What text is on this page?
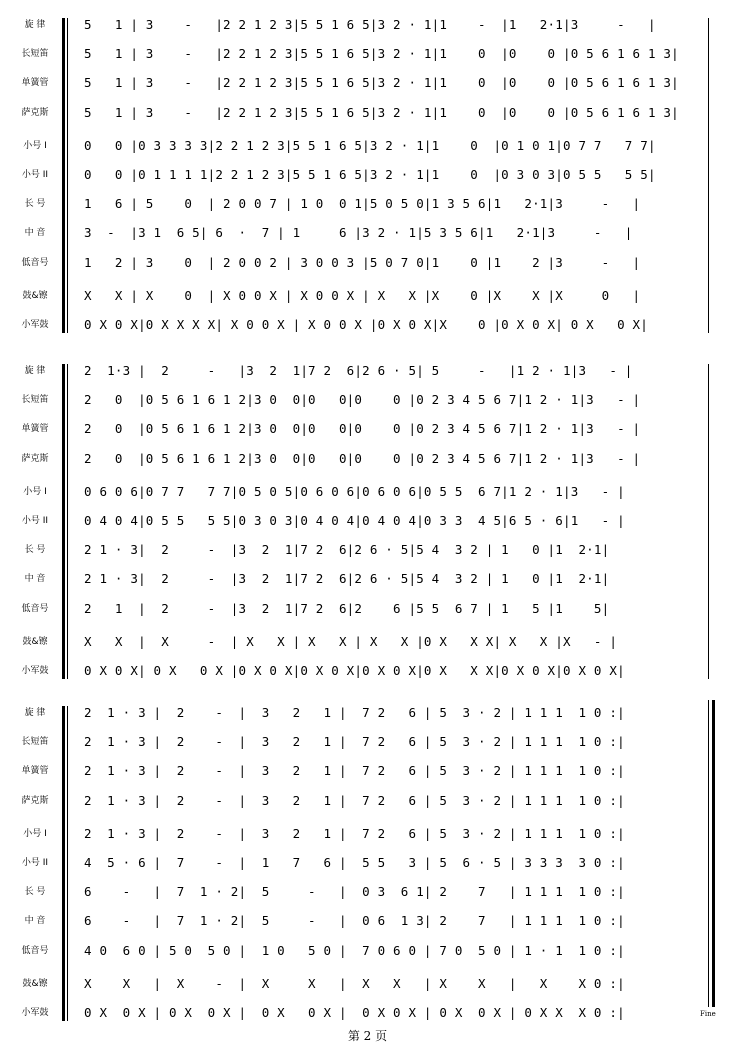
旋 律	5   1 | 3    -   |2 2 1 2 3|5 5 1 6 5|3 2 · 1|1    -  |1   2·1|3     -   |
长短笛	5   1 | 3    -   |2 2 1 2 3|5 5 1 6 5|3 2 · 1|1    0  |0    0 |0 5 6 1 6 1 3|
单簧管	5   1 | 3    -   |2 2 1 2 3|5 5 1 6 5|3 2 · 1|1    0  |0    0 |0 5 6 1 6 1 3|
萨克斯	5   1 | 3    -   |2 2 1 2 3|5 5 1 6 5|3 2 · 1|1    0  |0    0 |0 5 6 1 6 1 3|
小号 I	0   0 |0 3 3 3 3|2 2 1 2 3|5 5 1 6 5|3 2 · 1|1    0  |0 1 0 1|0 7 7   7 7|
小号 II	0   0 |0 1 1 1 1|2 2 1 2 3|5 5 1 6 5|3 2 · 1|1    0  |0 3 0 3|0 5 5   5 5|
长 号	1   6 | 5    0  | 2 0 0 7 | 1 0  0 1|5 0 5 0|1 3 5 6|1   2·1|3     -   |
中 音	3  -  |3 1  6 5| 6  ·  7 | 1     6 |3 2 · 1|5 3 5 6|1   2·1|3     -   |
低音号	1   2 | 3    0  | 2 0 0 2 | 3 0 0 3 |5 0 7 0|1    0 |1    2 |3     -   |
鼓&镲	X   X | X    0  | X 0 0 X | X 0 0 X | X   X |X    0 |X    X |X     0   |
小军鼓	0 X 0 X|0 X X X X| X 0 0 X | X 0 0 X |0 X 0 X|X    0 |0 X 0 X| 0 X   0 X|
旋 律	2  1·3 |  2     -   |3  2  1|7 2  6|2 6 · 5| 5     -   |1 2 · 1|3   - |
长短笛	2   0  |0 5 6 1 6 1 2|3 0  0|0   0|0    0 |0 2 3 4 5 6 7|1 2 · 1|3   - |
单簧管	2   0  |0 5 6 1 6 1 2|3 0  0|0   0|0    0 |0 2 3 4 5 6 7|1 2 · 1|3   - |
萨克斯	2   0  |0 5 6 1 6 1 2|3 0  0|0   0|0    0 |0 2 3 4 5 6 7|1 2 · 1|3   - |
小号 I	0 6 0 6|0 7 7   7 7|0 5 0 5|0 6 0 6|0 6 0 6|0 5 5  6 7|1 2 · 1|3   - |
小号 II	0 4 0 4|0 5 5   5 5|0 3 0 3|0 4 0 4|0 4 0 4|0 3 3  4 5|6 5 · 6|1   - |
长 号	2 1 · 3|  2     -  |3  2  1|7 2  6|2 6 · 5|5 4  3 2 | 1   0 |1  2·1|
中 音	2 1 · 3|  2     -  |3  2  1|7 2  6|2 6 · 5|5 4  3 2 | 1   0 |1  2·1|
低音号	2   1  |  2     -  |3  2  1|7 2  6|2    6 |5 5  6 7 | 1   5 |1    5|
鼓&镲	X   X  |  X     -  | X   X | X   X | X   X |0 X   X X| X   X |X   - |
小军鼓	0 X 0 X| 0 X   0 X |0 X 0 X|0 X 0 X|0 X 0 X|0 X   X X|0 X 0 X|0 X 0 X|
旋 律	2  1 · 3 |  2    -  |  3   2   1 |  7 2   6 | 5  3 · 2 | 1 1 1  1 0 :|
长短笛	2  1 · 3 |  2    -  |  3   2   1 |  7 2   6 | 5  3 · 2 | 1 1 1  1 0 :|
单簧管	2  1 · 3 |  2    -  |  3   2   1 |  7 2   6 | 5  3 · 2 | 1 1 1  1 0 :|
萨克斯	2  1 · 3 |  2    -  |  3   2   1 |  7 2   6 | 5  3 · 2 | 1 1 1  1 0 :|
小号 I	2  1 · 3 |  2    -  |  3   2   1 |  7 2   6 | 5  3 · 2 | 1 1 1  1 0 :|
小号 II	4  5 · 6 |  7    -  |  1   7   6 |  5 5   3 | 5  6 · 5 | 3 3 3  3 0 :|
长 号	6    -   |  7  1 · 2|  5     -   |  0 3  6 1| 2    7   | 1 1 1  1 0 :|
中 音	6    -   |  7  1 · 2|  5     -   |  0 6  1 3| 2    7   | 1 1 1  1 0 :|
低音号	4 0  6 0 | 5 0  5 0 |  1 0   5 0 |  7 0 6 0 | 7 0  5 0 | 1 · 1  1 0 :|
鼓&镲	X    X   |  X    -  |  X     X   |  X   X   | X    X   |   X    X 0 :|
小军鼓	0 X  0 X | 0 X  0 X |  0 X   0 X |  0 X 0 X | 0 X  0 X | 0 X X  X 0 :|	Fine
第 2 页
